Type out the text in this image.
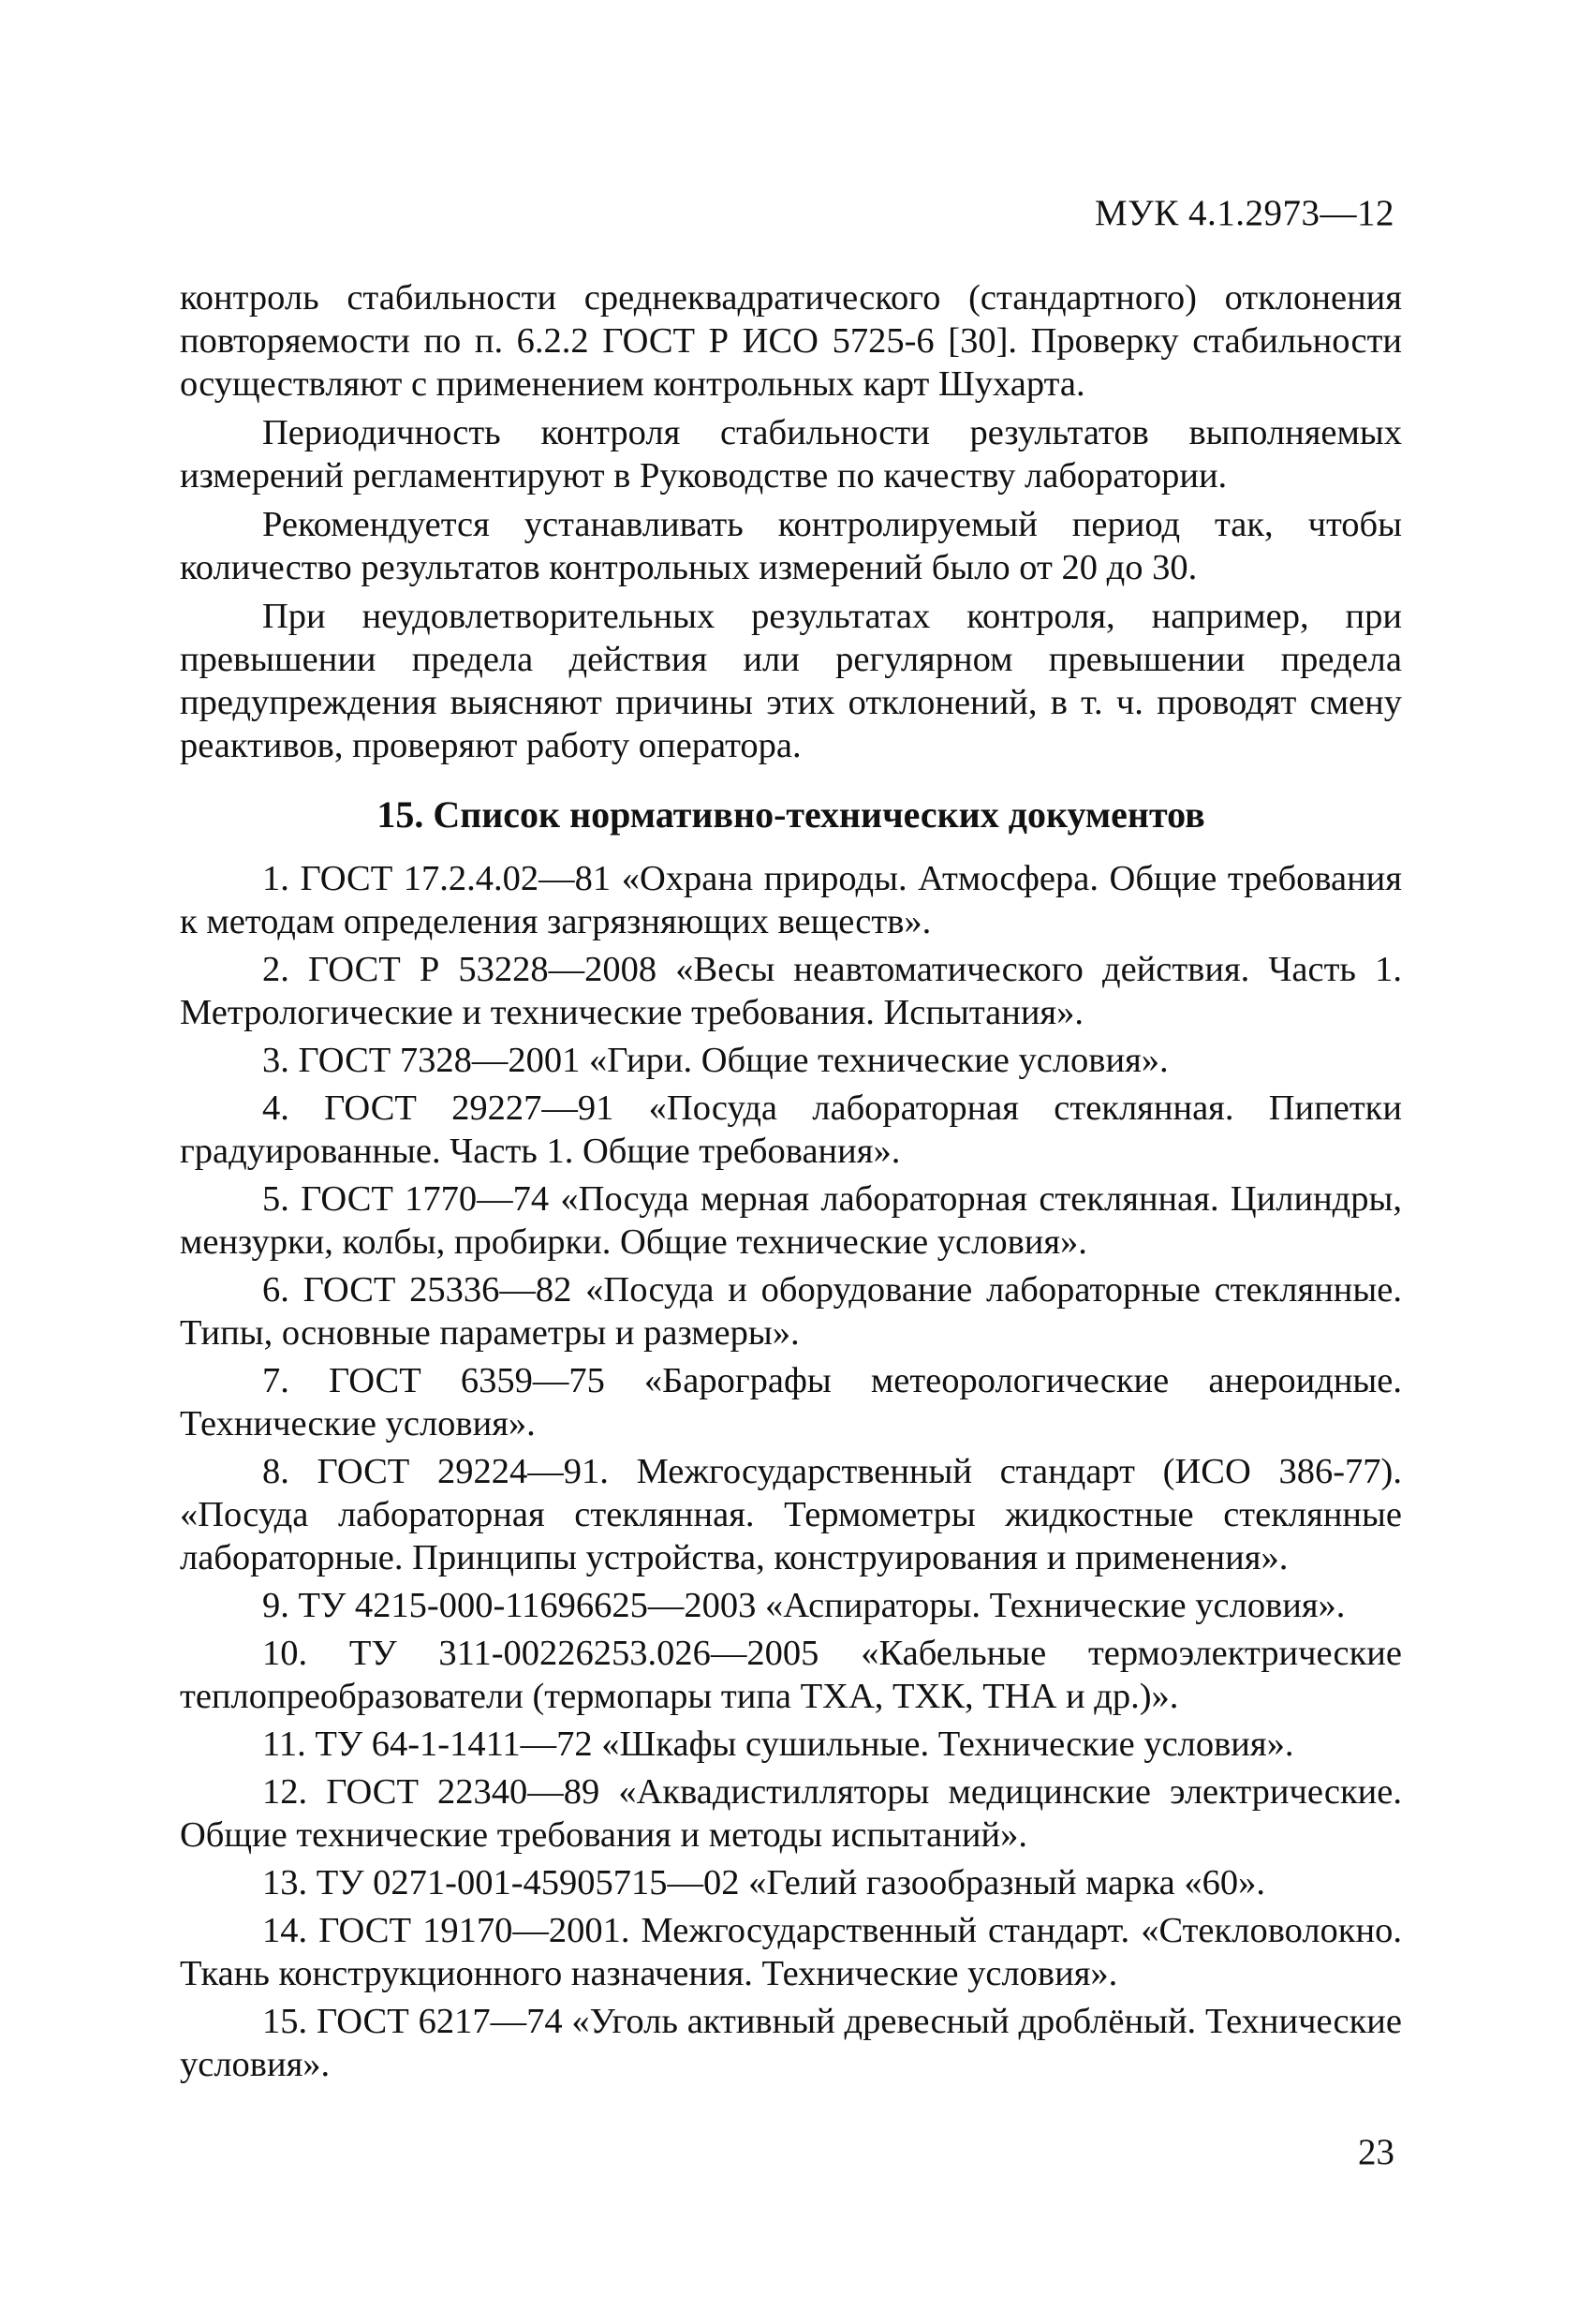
МУК 4.1.2973—12

контроль стабильности среднеквадратического (стандартного) отклонения повторяемости по п. 6.2.2 ГОСТ Р ИСО 5725-6 [30]. Проверку стабильности осуществляют с применением контрольных карт Шухарта.

Периодичность контроля стабильности результатов выполняемых измерений регламентируют в Руководстве по качеству лаборатории.

Рекомендуется устанавливать контролируемый период так, чтобы количество результатов контрольных измерений было от 20 до 30.

При неудовлетворительных результатах контроля, например, при превышении предела действия или регулярном превышении предела предупреждения выясняют причины этих отклонений, в т. ч. проводят смену реактивов, проверяют работу оператора.

15. Список нормативно-технических документов
1. ГОСТ 17.2.4.02—81 «Охрана природы. Атмосфера. Общие требования к методам определения загрязняющих веществ».
2. ГОСТ Р 53228—2008 «Весы неавтоматического действия. Часть 1. Метрологические и технические требования. Испытания».
3. ГОСТ 7328—2001 «Гири. Общие технические условия».
4. ГОСТ 29227—91 «Посуда лабораторная стеклянная. Пипетки градуированные. Часть 1. Общие требования».
5. ГОСТ 1770—74 «Посуда мерная лабораторная стеклянная. Цилиндры, мензурки, колбы, пробирки. Общие технические условия».
6. ГОСТ 25336—82 «Посуда и оборудование лабораторные стеклянные. Типы, основные параметры и размеры».
7. ГОСТ 6359—75 «Барографы метеорологические анероидные. Технические условия».
8. ГОСТ 29224—91. Межгосударственный стандарт (ИСО 386-77). «Посуда лабораторная стеклянная. Термометры жидкостные стеклянные лабораторные. Принципы устройства, конструирования и применения».
9. ТУ 4215-000-11696625—2003 «Аспираторы. Технические условия».
10. ТУ 311-00226253.026—2005 «Кабельные термоэлектрические теплопреобразователи (термопары типа ТХА, ТХК, ТНА и др.)».
11. ТУ 64-1-1411—72 «Шкафы сушильные. Технические условия».
12. ГОСТ 22340—89 «Аквадистилляторы медицинские электрические. Общие технические требования и методы испытаний».
13. ТУ 0271-001-45905715—02 «Гелий газообразный марка «60».
14. ГОСТ 19170—2001. Межгосударственный стандарт. «Стекловолокно. Ткань конструкционного назначения. Технические условия».
15. ГОСТ 6217—74 «Уголь активный древесный дроблёный. Технические условия».
23
